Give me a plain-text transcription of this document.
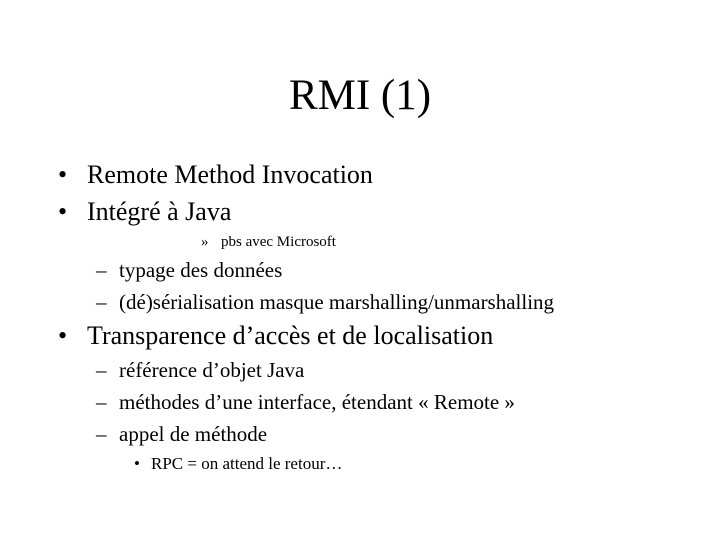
RMI (1)
• Remote Method Invocation
• Intégré à Java
» pbs avec Microsoft
– typage des données
– (dé)sérialisation masque marshalling/unmarshalling
• Transparence d’accès et de localisation
– référence d’objet Java
– méthodes d’une interface, étendant « Remote »
– appel de méthode
• RPC = on attend le retour…
